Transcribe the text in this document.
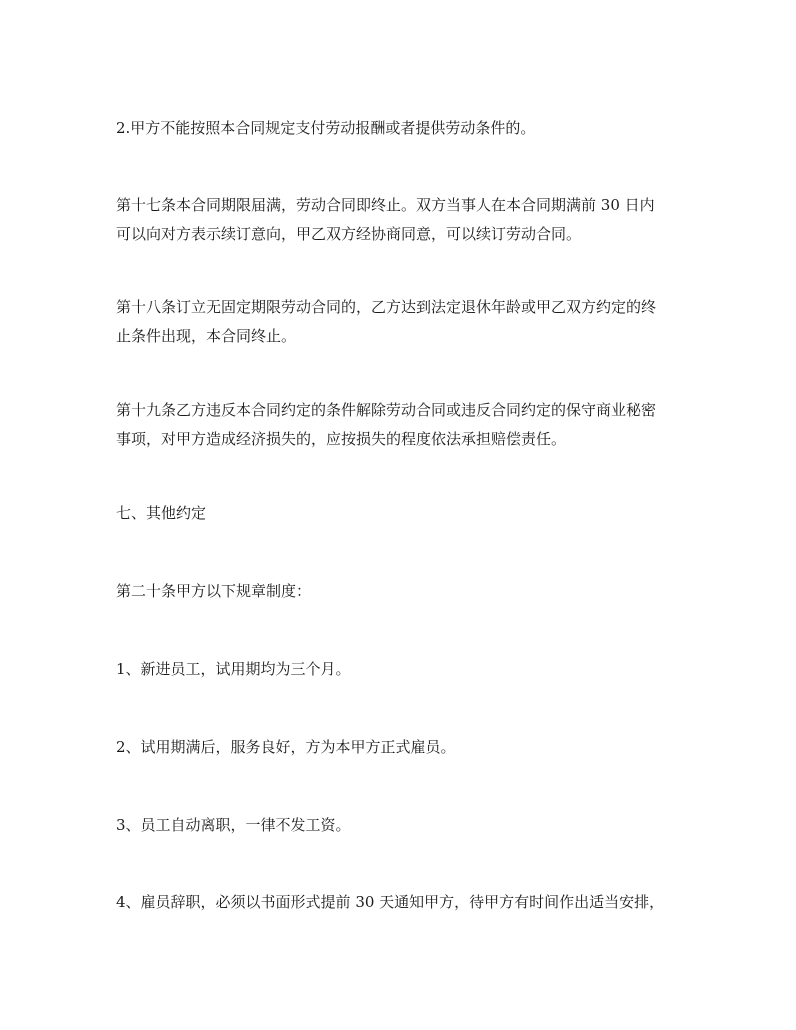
2.甲方不能按照本合同规定支付劳动报酬或者提供劳动条件的。

第十七条本合同期限届满，劳动合同即终止。双方当事人在本合同期满前 30 日内
可以向对方表示续订意向，甲乙双方经协商同意，可以续订劳动合同。

第十八条订立无固定期限劳动合同的，乙方达到法定退休年龄或甲乙双方约定的终
止条件出现，本合同终止。

第十九条乙方违反本合同约定的条件解除劳动合同或违反合同约定的保守商业秘密
事项，对甲方造成经济损失的，应按损失的程度依法承担赔偿责任。

七、其他约定

第二十条甲方以下规章制度：

1、新进员工，试用期均为三个月。

2、试用期满后，服务良好，方为本甲方正式雇员。

3、员工自动离职，一律不发工资。

4、雇员辞职，必须以书面形式提前 30 天通知甲方，待甲方有时间作出适当安排，
